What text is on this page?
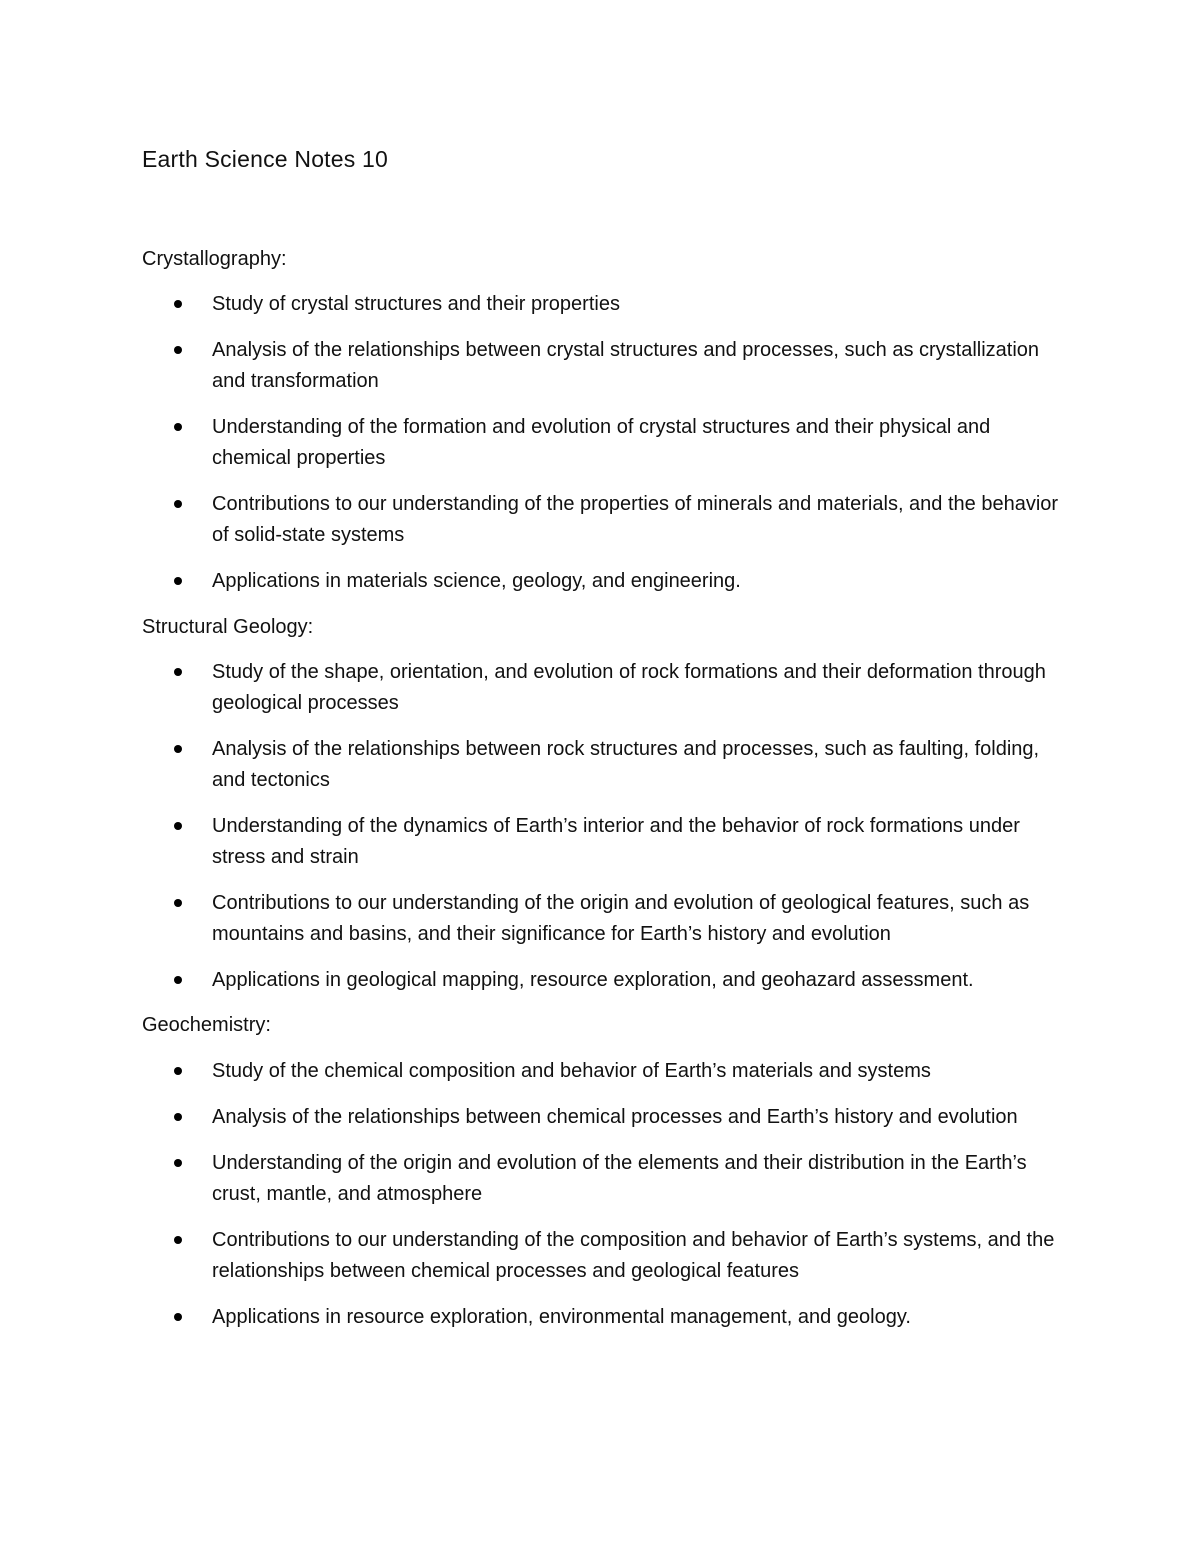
Earth Science Notes 10
Crystallography:
Study of crystal structures and their properties
Analysis of the relationships between crystal structures and processes, such as crystallization and transformation
Understanding of the formation and evolution of crystal structures and their physical and chemical properties
Contributions to our understanding of the properties of minerals and materials, and the behavior of solid-state systems
Applications in materials science, geology, and engineering.
Structural Geology:
Study of the shape, orientation, and evolution of rock formations and their deformation through geological processes
Analysis of the relationships between rock structures and processes, such as faulting, folding, and tectonics
Understanding of the dynamics of Earth’s interior and the behavior of rock formations under stress and strain
Contributions to our understanding of the origin and evolution of geological features, such as mountains and basins, and their significance for Earth’s history and evolution
Applications in geological mapping, resource exploration, and geohazard assessment.
Geochemistry:
Study of the chemical composition and behavior of Earth’s materials and systems
Analysis of the relationships between chemical processes and Earth’s history and evolution
Understanding of the origin and evolution of the elements and their distribution in the Earth’s crust, mantle, and atmosphere
Contributions to our understanding of the composition and behavior of Earth’s systems, and the relationships between chemical processes and geological features
Applications in resource exploration, environmental management, and geology.
